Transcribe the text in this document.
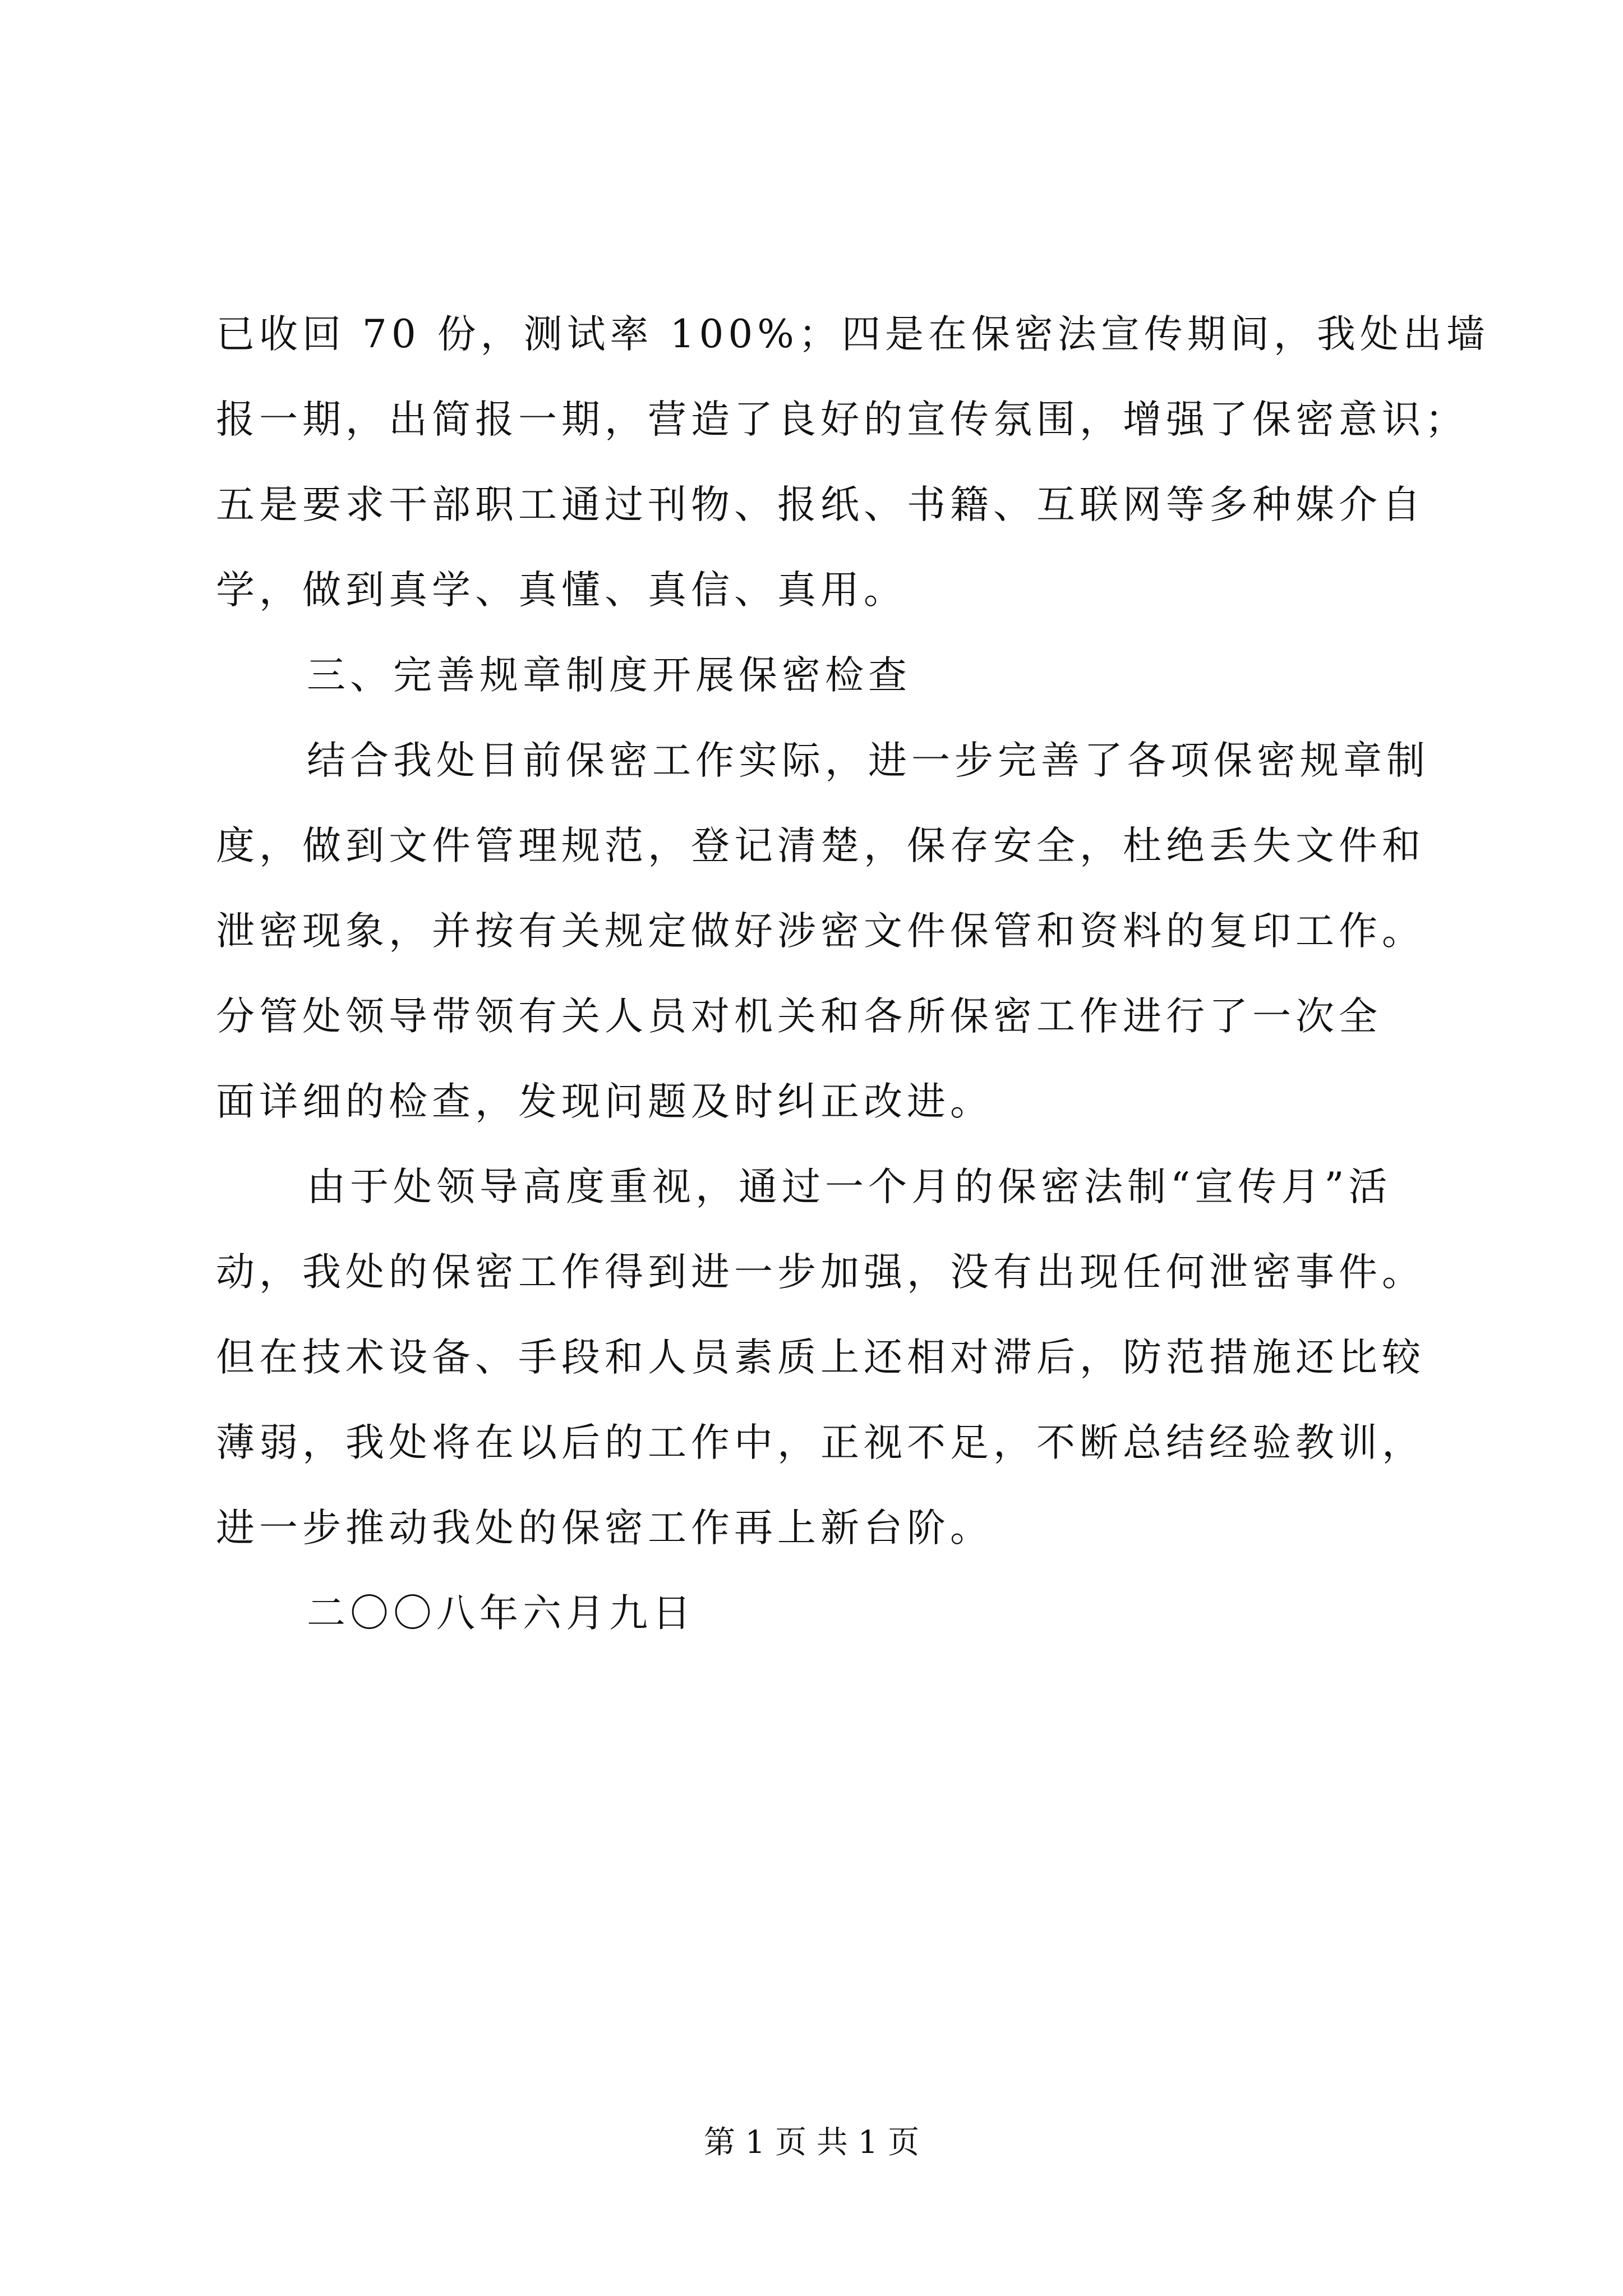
已收回 70 份，测试率 100%；四是在保密法宣传期间，我处出墙
报一期，出简报一期，营造了良好的宣传氛围，增强了保密意识；
五是要求干部职工通过刊物、报纸、书籍、互联网等多种媒介自
学，做到真学、真懂、真信、真用。
三、完善规章制度开展保密检查
结合我处目前保密工作实际，进一步完善了各项保密规章制
度，做到文件管理规范，登记清楚，保存安全，杜绝丢失文件和
泄密现象，并按有关规定做好涉密文件保管和资料的复印工作。
分管处领导带领有关人员对机关和各所保密工作进行了一次全
面详细的检查，发现问题及时纠正改进。
由于处领导高度重视，通过一个月的保密法制“宣传月”活
动，我处的保密工作得到进一步加强，没有出现任何泄密事件。
但在技术设备、手段和人员素质上还相对滞后，防范措施还比较
薄弱，我处将在以后的工作中，正视不足，不断总结经验教训，
进一步推动我处的保密工作再上新台阶。
二〇〇八年六月九日
第 1 页 共 1 页
